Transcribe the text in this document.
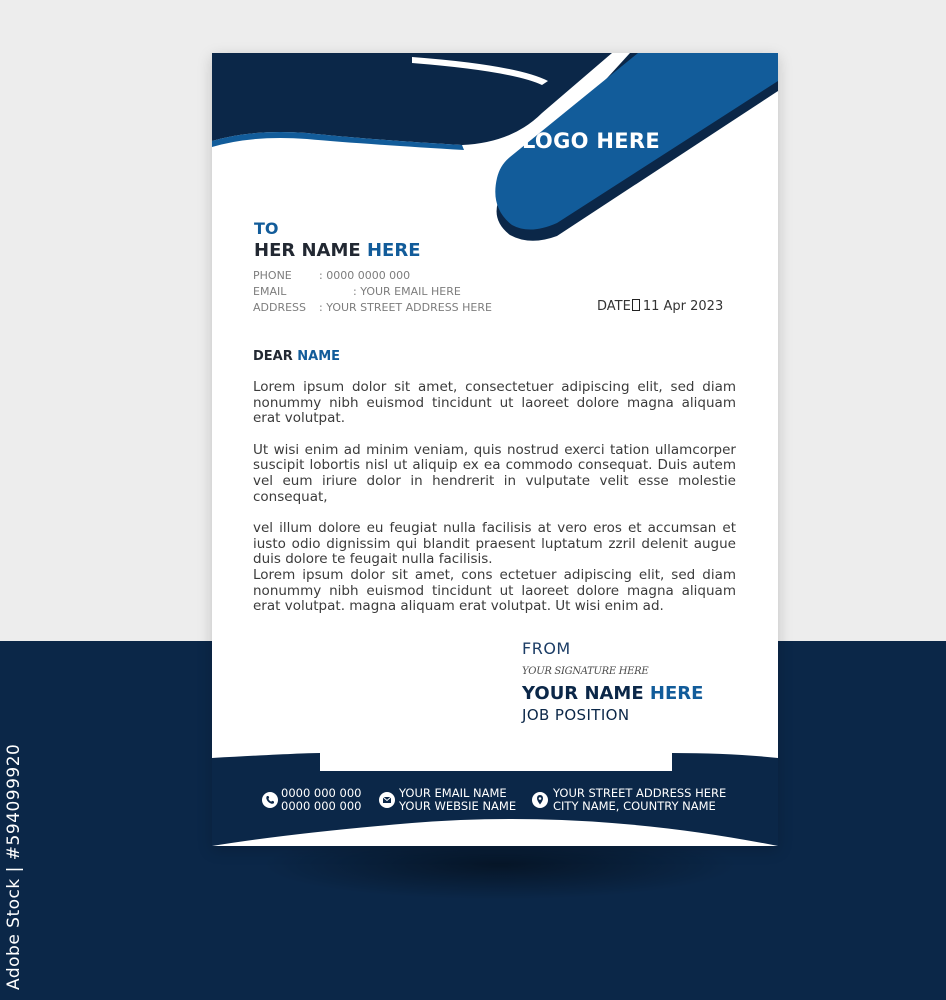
Adobe Stock | #594099920
LOGO HERE
TO
HER NAME HERE
PHONE : 0000 0000 000
EMAIL	: YOUR EMAIL HERE
ADDRESS : YOUR STREET ADDRESS HERE	DATE 11 Apr 2023
DEAR NAME

Lorem ipsum dolor sit amet, consectetuer adipiscing elit, sed diam nonummy nibh euismod tincidunt ut laoreet dolore magna aliquam erat volutpat.

Ut wisi enim ad minim veniam, quis nostrud exerci tation ullamcorper suscipit lobortis nisl ut aliquip ex ea commodo consequat. Duis autem vel eum iriure dolor in hendrerit in vulputate velit esse molestie consequat,

vel illum dolore eu feugiat nulla facilisis at vero eros et accumsan et iusto odio dignissim qui blandit praesent luptatum zzril delenit augue duis dolore te feugait nulla facilisis.

Lorem ipsum dolor sit amet, cons ectetuer adipiscing elit, sed diam nonummy nibh euismod tincidunt ut laoreet dolore magna aliquam erat volutpat. magna aliquam erat volutpat. Ut wisi enim ad.

FROM
YOUR SIGNATURE HERE
YOUR NAME HERE
JOB POSITION
0000 000 000
0000 000 000
YOUR EMAIL NAME
YOUR WEBSIE NAME
YOUR STREET ADDRESS HERE
CITY NAME, COUNTRY NAME
